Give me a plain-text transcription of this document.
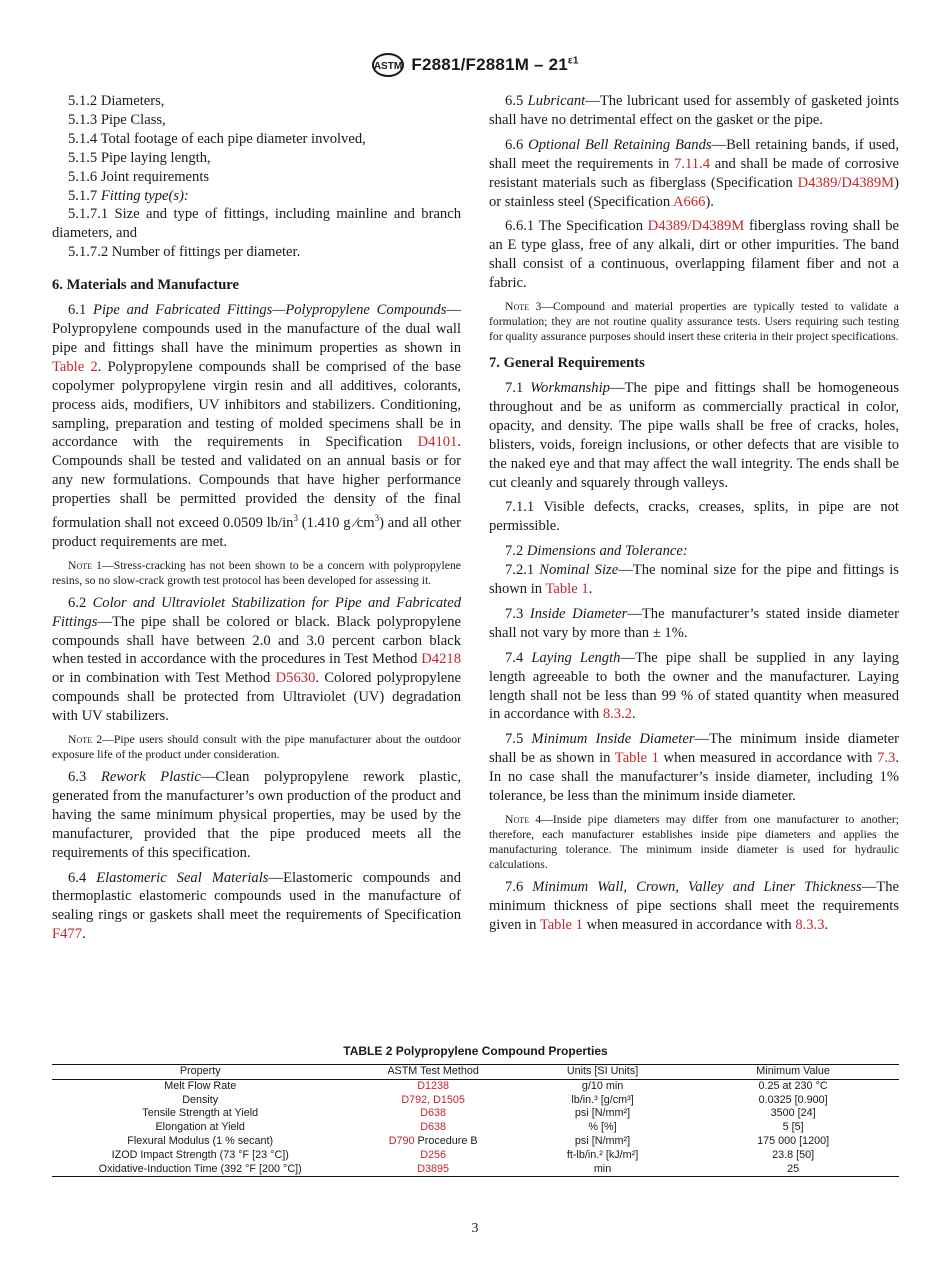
ASTM $F2881/F2881M - 21^{\varepsilon 1}$

5.1.2 Diameters,

5.1.3 Pipe Class,

5.1.4 Total footage of each pipe diameter involved,

5.1.5 Pipe laying length,

5.1.6 Joint requirements

5.1.7 Fitting type(s):

5.1.7.1 Size and type of fittings, including mainline and branch diameters, and

5.1.7.2 Number of fittings per diameter.

6. Materials and Manufacture

6.1 Pipe and Fabricated Fittings—Polypropylene Compounds—Polypropylene compounds used in the manufacture of the dual wall pipe and fittings shall have the minimum properties as shown in Table 2. Polypropylene compounds shall be comprised of the base copolymer polypropylene virgin resin and all additives, colorants, process aids, modifiers, UV inhibitors and stabilizers. Conditioning, sampling, preparation and testing of molded specimens shall be in accordance with the requirements in Specification D4101. Compounds shall be tested and validated on an annual basis or for any new formulations. Compounds that have higher performance properties shall be permitted provided the density of the final formulation shall not exceed 0.0509 $lb/in^3$ (1.410 g $⁄cm^3$) and all other product requirements are met.

Note 1—Stress-cracking has not been shown to be a concern with polypropylene resins, so no slow-crack growth test protocol has been developed for assessing it.

6.2 Color and Ultraviolet Stabilization for Pipe and Fabricated Fittings—The pipe shall be colored or black. Black polypropylene compounds shall have between 2.0 and 3.0 percent carbon black when tested in accordance with the procedures in Test Method D4218 or in combination with Test Method D5630. Colored polypropylene compounds shall be protected from Ultraviolet (UV) degradation with UV stabilizers.

Note 2—Pipe users should consult with the pipe manufacturer about the outdoor exposure life of the product under consideration.

6.3 Rework Plastic—Clean polypropylene rework plastic, generated from the manufacturer’s own production of the product and having the same minimum physical properties, may be used by the manufacturer, provided that the pipe produced meets all the requirements of this specification.

6.4 Elastomeric Seal Materials—Elastomeric compounds and thermoplastic elastomeric compounds used in the manufacture of sealing rings or gaskets shall meet the requirements of Specification F477.

6.5 Lubricant—The lubricant used for assembly of gasketed joints shall have no detrimental effect on the gasket or the pipe.

6.6 Optional Bell Retaining Bands—Bell retaining bands, if used, shall meet the requirements in 7.11.4 and shall be made of corrosive resistant materials such as fiberglass (Specification D4389/D4389M) or stainless steel (Specification A666).

6.6.1 The Specification D4389/D4389M fiberglass roving shall be an E type glass, free of any alkali, dirt or other impurities. The band shall consist of a continuous, overlapping filament fiber and not a fabric.

Note 3—Compound and material properties are typically tested to validate a formulation; they are not routine quality assurance tests. Users requiring such testing for quality assurance purposes should insert these criteria in their project specifications.

7. General Requirements

7.1 Workmanship—The pipe and fittings shall be homogeneous throughout and be as uniform as commercially practical in color, opacity, and density. The pipe walls shall be free of cracks, holes, blisters, voids, foreign inclusions, or other defects that are visible to the naked eye and that may affect the wall integrity. The ends shall be cut cleanly and squarely through valleys.

7.1.1 Visible defects, cracks, creases, splits, in pipe are not permissible.

7.2 Dimensions and Tolerance:

7.2.1 Nominal Size—The nominal size for the pipe and fittings is shown in Table 1.

7.3 Inside Diameter—The manufacturer’s stated inside diameter shall not vary by more than ± 1%.

7.4 Laying Length—The pipe shall be supplied in any laying length agreeable to both the owner and the manufacturer. Laying length shall not be less than 99 % of stated quantity when measured in accordance with 8.3.2.

7.5 Minimum Inside Diameter—The minimum inside diameter shall be as shown in Table 1 when measured in accordance with 7.3. In no case shall the manufacturer’s inside diameter, including 1% tolerance, be less than the minimum inside diameter.

Note 4—Inside pipe diameters may differ from one manufacturer to another; therefore, each manufacturer establishes inside pipe diameters and applies the manufacturing tolerance. The minimum inside diameter is used for hydraulic calculations.

7.6 Minimum Wall, Crown, Valley and Liner Thickness—The minimum thickness of pipe sections shall meet the requirements given in Table 1 when measured in accordance with 8.3.3.

TABLE 2 Polypropylene Compound Properties
Property	ASTM Test Method	Units [SI Units]	Minimum Value
Melt Flow Rate	D1238	g/10 min	0.25 at 230 °C
Density	D792, D1505	lb/in.³ [g/cm³]	0.0325 [0.900]
Tensile Strength at Yield	D638	psi [N/mm²]	3500 [24]
Elongation at Yield	D638	% [%]	5 [5]
Flexural Modulus (1 % secant)	D790 Procedure B	psi [N/mm²]	175 000 [1200]
IZOD Impact Strength (73 °F [23 °C])	D256	ft-lb/in.² [kJ/m²]	23.8 [50]
Oxidative-Induction Time (392 °F [200 °C])	D3895	min	25
3
